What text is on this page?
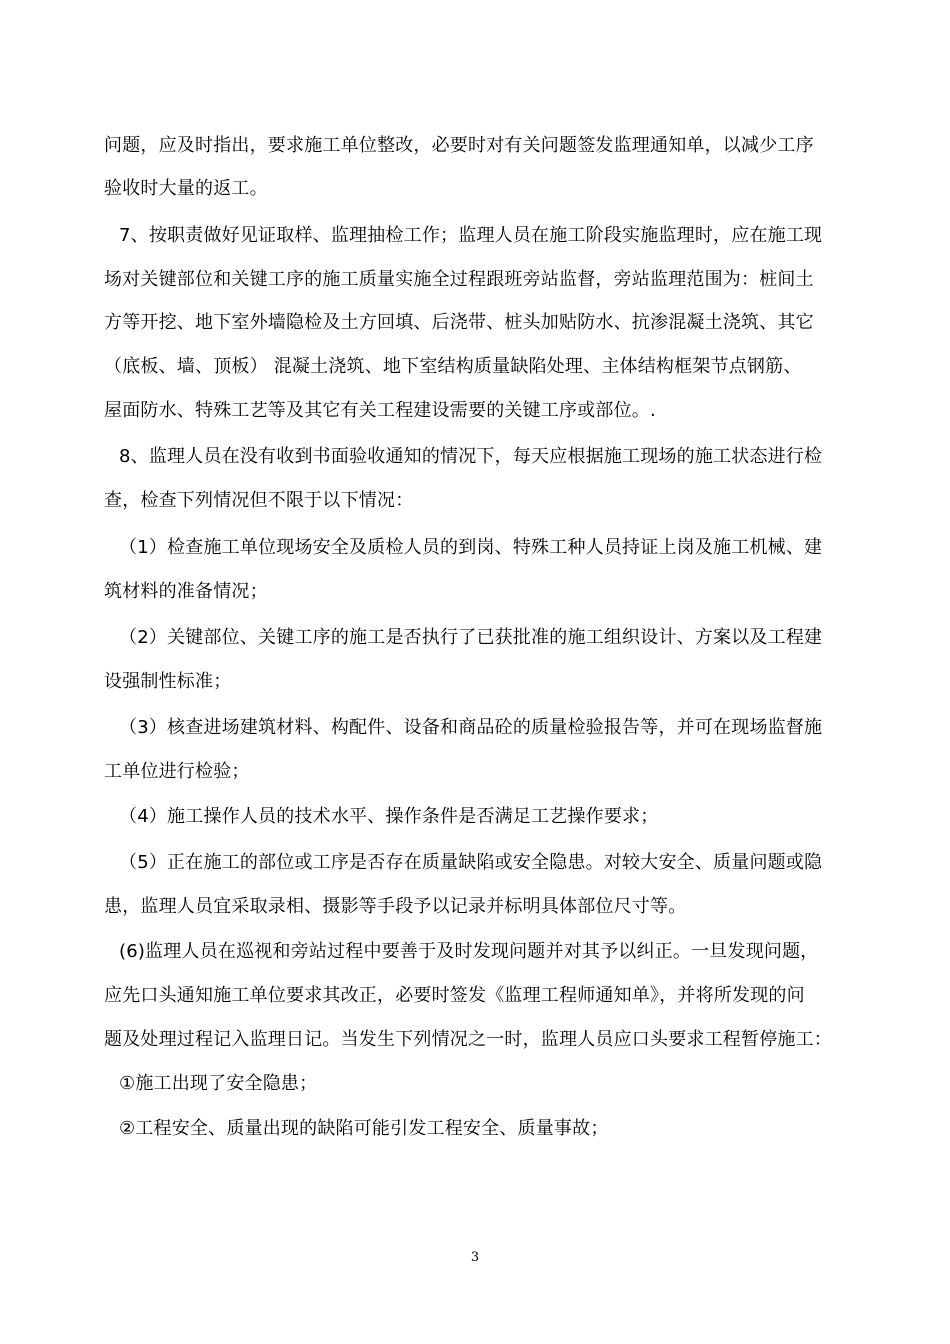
问题，应及时指出，要求施工单位整改，必要时对有关问题签发监理通知单，以减少工序
验收时大量的返工。
7、按职责做好见证取样、监理抽检工作；监理人员在施工阶段实施监理时，应在施工现
场对关键部位和关键工序的施工质量实施全过程跟班旁站监督，旁站监理范围为：桩间土
方等开挖、地下室外墙隐检及土方回填、后浇带、桩头加贴防水、抗渗混凝土浇筑、其它
（底板、墙、顶板） 混凝土浇筑、地下室结构质量缺陷处理、主体结构框架节点钢筋、
屋面防水、特殊工艺等及其它有关工程建设需要的关键工序或部位。.
8、监理人员在没有收到书面验收通知的情况下，每天应根据施工现场的施工状态进行检
查，检查下列情况但不限于以下情况：
（1）检查施工单位现场安全及质检人员的到岗、特殊工种人员持证上岗及施工机械、建
筑材料的准备情况；
（2）关键部位、关键工序的施工是否执行了已获批准的施工组织设计、方案以及工程建
设强制性标准；
（3）核查进场建筑材料、构配件、设备和商品砼的质量检验报告等，并可在现场监督施
工单位进行检验；
（4）施工操作人员的技术水平、操作条件是否满足工艺操作要求；
（5）正在施工的部位或工序是否存在质量缺陷或安全隐患。对较大安全、质量问题或隐
患，监理人员宜采取录相、摄影等手段予以记录并标明具体部位尺寸等。
(6)监理人员在巡视和旁站过程中要善于及时发现问题并对其予以纠正。一旦发现问题，
应先口头通知施工单位要求其改正，必要时签发《监理工程师通知单》，并将所发现的问
题及处理过程记入监理日记。当发生下列情况之一时，监理人员应口头要求工程暂停施工：
①施工出现了安全隐患；
②工程安全、质量出现的缺陷可能引发工程安全、质量事故；
3
